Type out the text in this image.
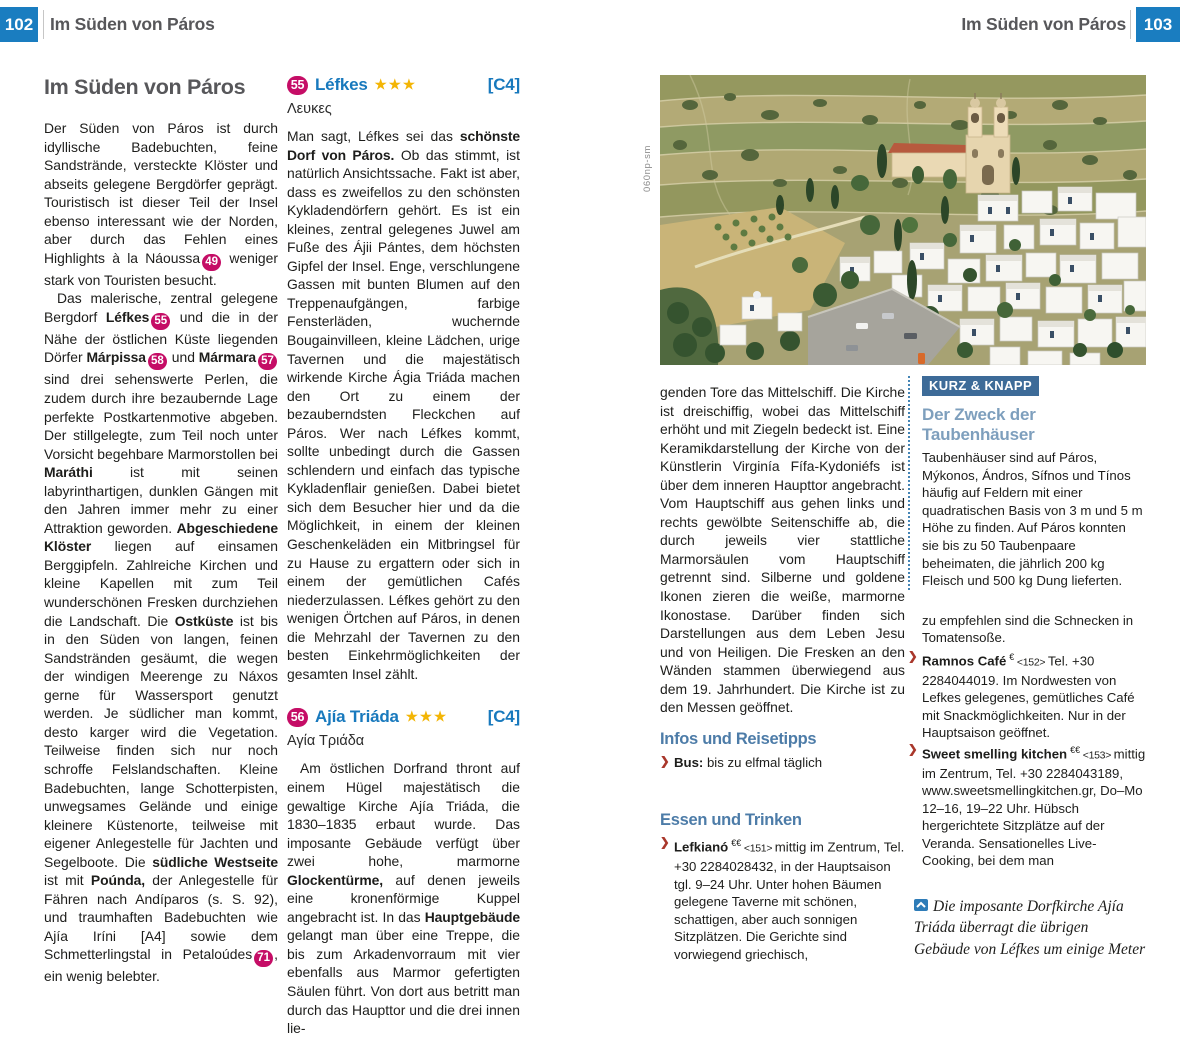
102 Im Süden von Páros	Im Süden von Páros	103
Im Süden von Páros

Der Süden von Páros ist durch idyllische Badebuchten, feine Sandstrände, versteckte Klöster und abseits gelegene Bergdörfer geprägt. Touristisch ist dieser Teil der Insel ebenso interessant wie der Norden, aber durch das Fehlen eines Highlights à la Náoussa 49 weniger stark von Touristen besucht.

Das malerische, zentral gelegene Bergdorf Léfkes 55 und die in der Nähe der östlichen Küste liegenden Dörfer Márpissa 58 und Mármara 57 sind drei sehenswerte Perlen, die zudem durch ihre bezaubernde Lage perfekte Postkartenmotive abgeben. Der stillgelegte, zum Teil noch unter Vorsicht begehbare Marmorstollen bei Maráthi ist mit seinen labyrinthartigen, dunklen Gängen mit den Jahren immer mehr zu einer Attraktion geworden. Abgeschiedene Klöster liegen auf einsamen Berggipfeln. Zahlreiche Kirchen und kleine Kapellen mit zum Teil wunderschönen Fresken durchziehen die Landschaft. Die Ostküste ist bis in den Süden von langen, feinen Sandstränden gesäumt, die wegen der windigen Meerenge zu Náxos gerne für Wassersport genutzt werden. Je südlicher man kommt, desto karger wird die Vegetation. Teilweise finden sich nur noch schroffe Felslandschaften. Kleine Badebuchten, lange Schotterpisten, unwegsames Gelände und einige kleinere Küstenorte, teilweise mit eigener Anlegestelle für Jachten und Segelboote. Die südliche Westseite ist mit Poúnda, der Anlegestelle für Fähren nach Andíparos (s. S. 92), und traumhaften Badebuchten wie Ajía Iríni [A4] sowie dem Schmetterlingstal in Petaloúdes 71 , ein wenig belebter.

55 Léfkes ★★★	[C4]
Λευκες

Man sagt, Léfkes sei das schönste Dorf von Páros. Ob das stimmt, ist natürlich Ansichtssache. Fakt ist aber, dass es zweifellos zu den schönsten Kykladendörfern gehört. Es ist ein kleines, zentral gelegenes Juwel am Fuße des Ájii Pántes, dem höchsten Gipfel der Insel. Enge, verschlungene Gassen mit bunten Blumen auf den Treppenaufgängen, farbige Fensterläden, wuchernde Bougainvilleen, kleine Lädchen, urige Tavernen und die majestätisch wirkende Kirche Ágia Triáda machen den Ort zu einem der bezauberndsten Fleckchen auf Páros. Wer nach Léfkes kommt, sollte unbedingt durch die Gassen schlendern und einfach das typische Kykladenflair genießen. Dabei bietet sich dem Besucher hier und da die Möglichkeit, in einem der kleinen Geschenkeläden ein Mitbringsel für zu Hause zu ergattern oder sich in einem der gemütlichen Cafés niederzulassen. Léfkes gehört zu den wenigen Örtchen auf Páros, in denen die Mehrzahl der Tavernen zu den besten Einkehrmöglichkeiten der gesamten Insel zählt.

56 Ajía Triáda ★★★ [C4]
Αγία Τριάδα

Am östlichen Dorfrand thront auf einem Hügel majestätisch die gewaltige Kirche Ajía Triáda, die 1830–1835 erbaut wurde. Das imposante Gebäude verfügt über zwei hohe, marmorne Glockentürme, auf denen jeweils eine kronenförmige Kuppel angebracht ist. In das Hauptgebäude gelangt man über eine Treppe, die bis zum Arkadenvorraum mit vier ebenfalls aus Marmor gefertigten Säulen führt. Von dort aus betritt man durch das Haupttor und die drei innen lie-

060np-sm

genden Tore das Mittelschiff. Die Kirche ist dreischiffig, wobei das Mittelschiff erhöht und mit Ziegeln bedeckt ist. Eine Keramikdarstellung der Kirche von der Künstlerin Virginía Fífa-Kydoniéfs ist über dem inneren Haupttor angebracht. Vom Hauptschiff aus gehen links und rechts gewölbte Seitenschiffe ab, die durch jeweils vier stattliche Marmorsäulen vom Hauptschiff getrennt sind. Silberne und goldene Ikonen zieren die weiße, marmorne Ikonostase. Darüber finden sich Darstellungen aus dem Leben Jesu und von Heiligen. Die Fresken an den Wänden stammen überwiegend aus dem 19. Jahrhundert. Die Kirche ist zu den Messen geöffnet.

Infos und Reisetipps
❯ Bus: bis zu elfmal täglich
Essen und Trinken
❯ Lefkianó €€ <151> mittig im Zentrum, Tel. +30 2284028432, in der Hauptsaison tgl. 9–24 Uhr. Unter hohen Bäumen gelegene Taverne mit schönen, schattigen, aber auch sonnigen Sitzplätzen. Die Gerichte sind vorwiegend griechisch,
KURZ & KNAPP
Der Zweck der Taubenhäuser

Taubenhäuser sind auf Páros, Mýkonos, Ándros, Sífnos und Tínos häufig auf Feldern mit einer quadratischen Basis von 3 m und 5 m Höhe zu finden. Auf Páros konnten sie bis zu 50 Taubenpaare beheimaten, die jährlich 200 kg Fleisch und 500 kg Dung lieferten.

zu empfehlen sind die Schnecken in Tomatensoße.

❯ Ramnos Café € <152> Tel. +30 2284044019. Im Nordwesten von Lefkes gelegenes, gemütliches Café mit Snackmöglichkeiten. Nur in der Hauptsaison geöffnet.
❯ Sweet smelling kitchen €€ <153> mittig im Zentrum, Tel. +30 2284043189, www.sweetsmellingkitchen.gr, Do–Mo 12–16, 19–22 Uhr. Hübsch hergerichtete Sitzplätze auf der Veranda. Sensationelles Live-Cooking, bei dem man
Die imposante Dorfkirche Ajía Triáda überragt die übrigen Gebäude von Léfkes um einige Meter
